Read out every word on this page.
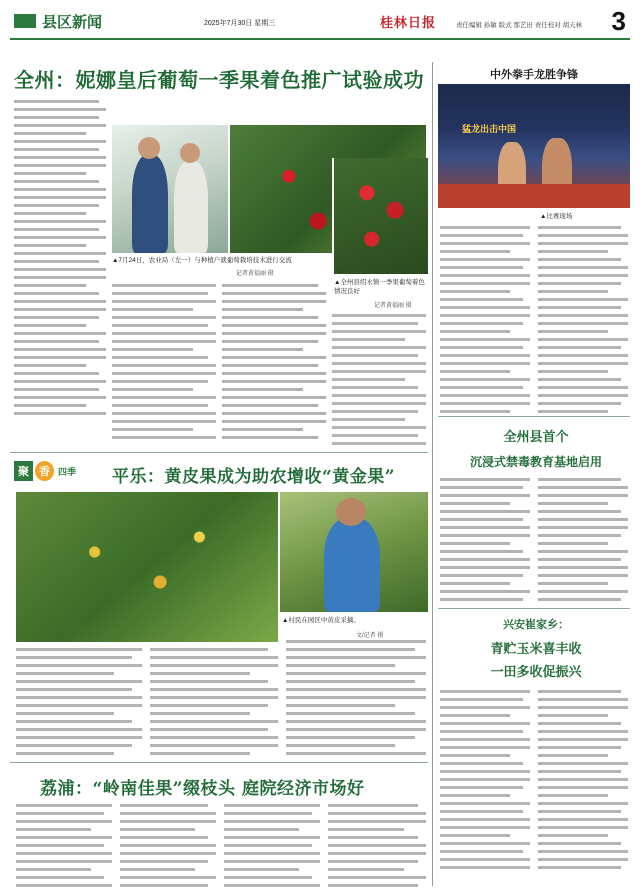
县区新闻	2025年7月30日 星期三	桂林日报	责任编辑 孙敏 版式 那艺田 责任校对 胡天林 3
全州：妮娜皇后葡萄一季果着色推广试验成功
▲7月24日，农业局（左一）与种植户就葡萄栽培技术进行交流
记者黄福丽 摄
▲全州县绍水镇一季果葡萄着色情况良好
记者黄福丽 摄
中外拳手龙胜争锋
猛龙出击中国
▲比赛现场
全州县首个
沉浸式禁毒教育基地启用
兴安崔家乡：
青贮玉米喜丰收
一田多收促振兴
聚 香 四季 平乐：黄皮果成为助农增收“黄金果”
▲村民在园区中黄皮采摘。
文/记者 摄
荔浦：“岭南佳果”缀枝头 庭院经济市场好
